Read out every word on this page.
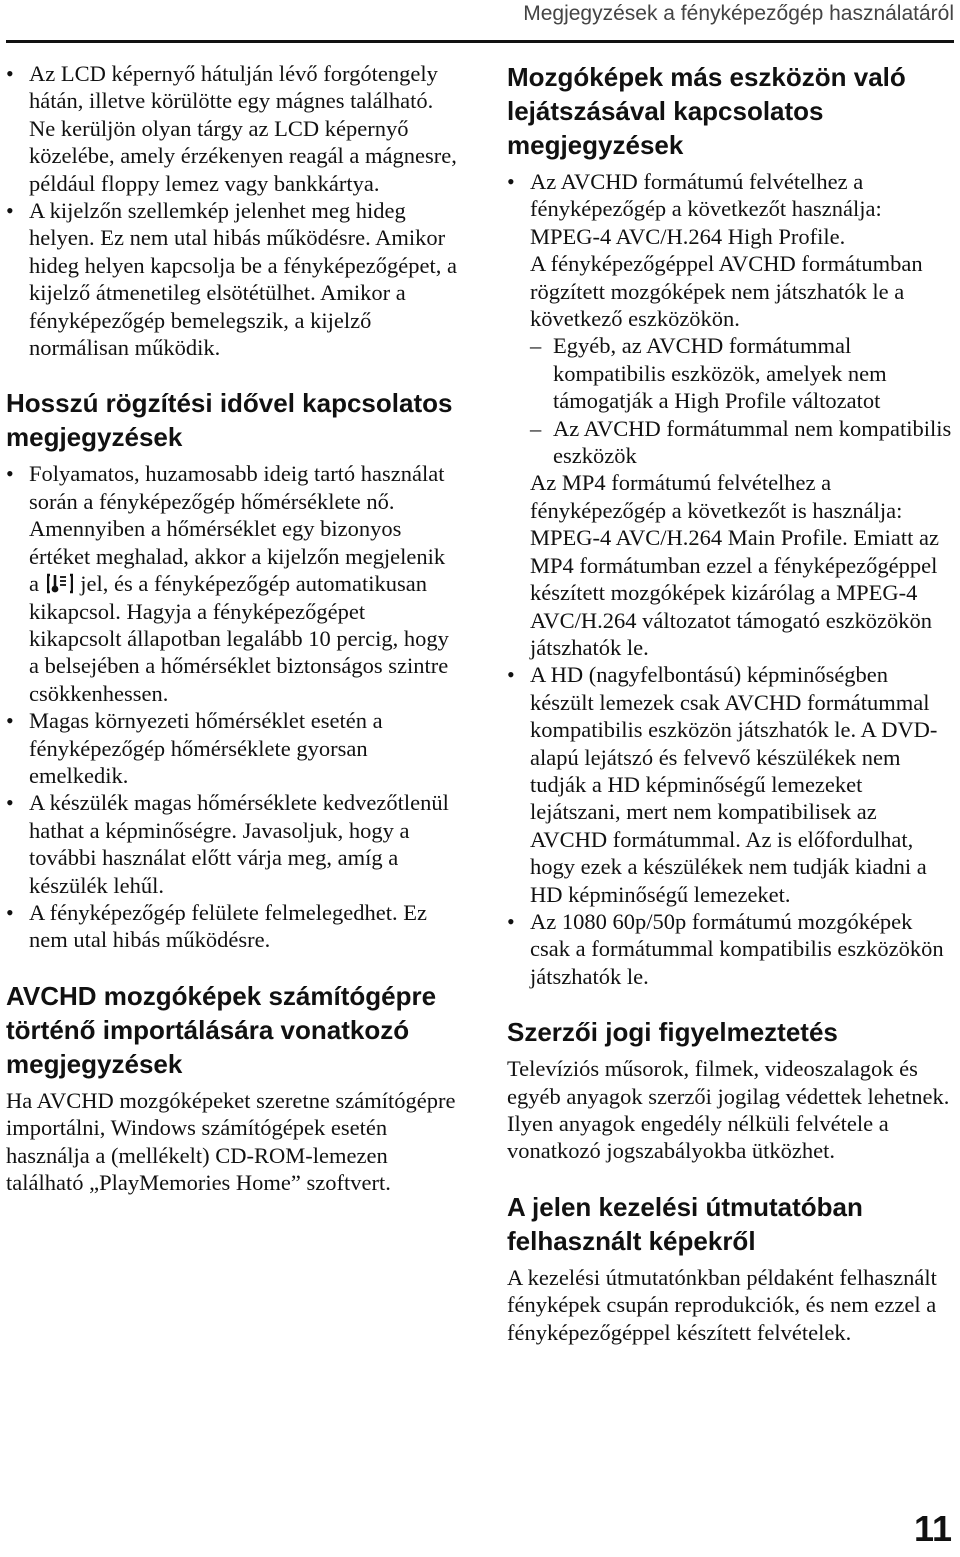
Megjegyzések a fényképezőgép használatáról
• Az LCD képernyő hátulján lévő forgótengely hátán, illetve körülötte egy mágnes található. Ne kerüljön olyan tárgy az LCD képernyő közelébe, amely érzékenyen reagál a mágnesre, például floppy lemez vagy bankkártya.
• A kijelzőn szellemkép jelenhet meg hideg helyen. Ez nem utal hibás működésre. Amikor hideg helyen kapcsolja be a fényképezőgépet, a kijelző átmenetileg elsötétülhet. Amikor a fényképezőgép bemelegszik, a kijelző normálisan működik.
Hosszú rögzítési idővel kapcsolatos megjegyzések
• Folyamatos, huzamosabb ideig tartó használat során a fényképezőgép hőmérséklete nő. Amennyiben a hőmérséklet egy bizonyos értéket meghalad, akkor a kijelzőn megjelenik a jel, és a fényképezőgép automatikusan kikapcsol. Hagyja a fényképezőgépet kikapcsolt állapotban legalább 10 percig, hogy a belsejében a hőmérséklet biztonságos szintre csökkenhessen.
• Magas környezeti hőmérséklet esetén a fényképezőgép hőmérséklete gyorsan emelkedik.
• A készülék magas hőmérséklete kedvezőtlenül hathat a képminőségre. Javasoljuk, hogy a további használat előtt várja meg, amíg a készülék lehűl.
• A fényképezőgép felülete felmelegedhet. Ez nem utal hibás működésre.
AVCHD mozgóképek számítógépre történő importálására vonatkozó megjegyzések

Ha AVCHD mozgóképeket szeretne számítógépre importálni, Windows számítógépek esetén használja a (mellékelt) CD-ROM-lemezen található „PlayMemories Home” szoftvert.

Mozgóképek más eszközön való lejátszásával kapcsolatos megjegyzések

• Az AVCHD formátumú felvételhez a fényképezőgép a következőt használja: MPEG-4 AVC/H.264 High Profile.

A fényképezőgéppel AVCHD formátumban rögzített mozgóképek nem játszhatók le a következő eszközökön.

– Egyéb, az AVCHD formátummal kompatibilis eszközök, amelyek nem támogatják a High Profile változatot
– Az AVCHD formátummal nem kompatibilis eszközök

Az MP4 formátumú felvételhez a fényképezőgép a következőt is használja: MPEG-4 AVC/H.264 Main Profile. Emiatt az MP4 formátumban ezzel a fényképezőgéppel készített mozgóképek kizárólag a MPEG-4 AVC/H.264 változatot támogató eszközökön játszhatók le.

• A HD (nagyfelbontású) képminőségben készült lemezek csak AVCHD formátummal kompatibilis eszközön játszhatók le. A DVD-alapú lejátszó és felvevő készülékek nem tudják a HD képminőségű lemezeket lejátszani, mert nem kompatibilisek az AVCHD formátummal. Az is előfordulhat, hogy ezek a készülékek nem tudják kiadni a HD képminőségű lemezeket.
• Az 1080 60p/50p formátumú mozgóképek csak a formátummal kompatibilis eszközökön játszhatók le.
Szerzői jogi figyelmeztetés

Televíziós műsorok, filmek, videoszalagok és egyéb anyagok szerzői jogilag védettek lehetnek. Ilyen anyagok engedély nélküli felvétele a vonatkozó jogszabályokba ütközhet.

A jelen kezelési útmutatóban felhasznált képekről

A kezelési útmutatónkban példaként felhasznált fényképek csupán reprodukciók, és nem ezzel a fényképezőgéppel készített felvételek.

11
